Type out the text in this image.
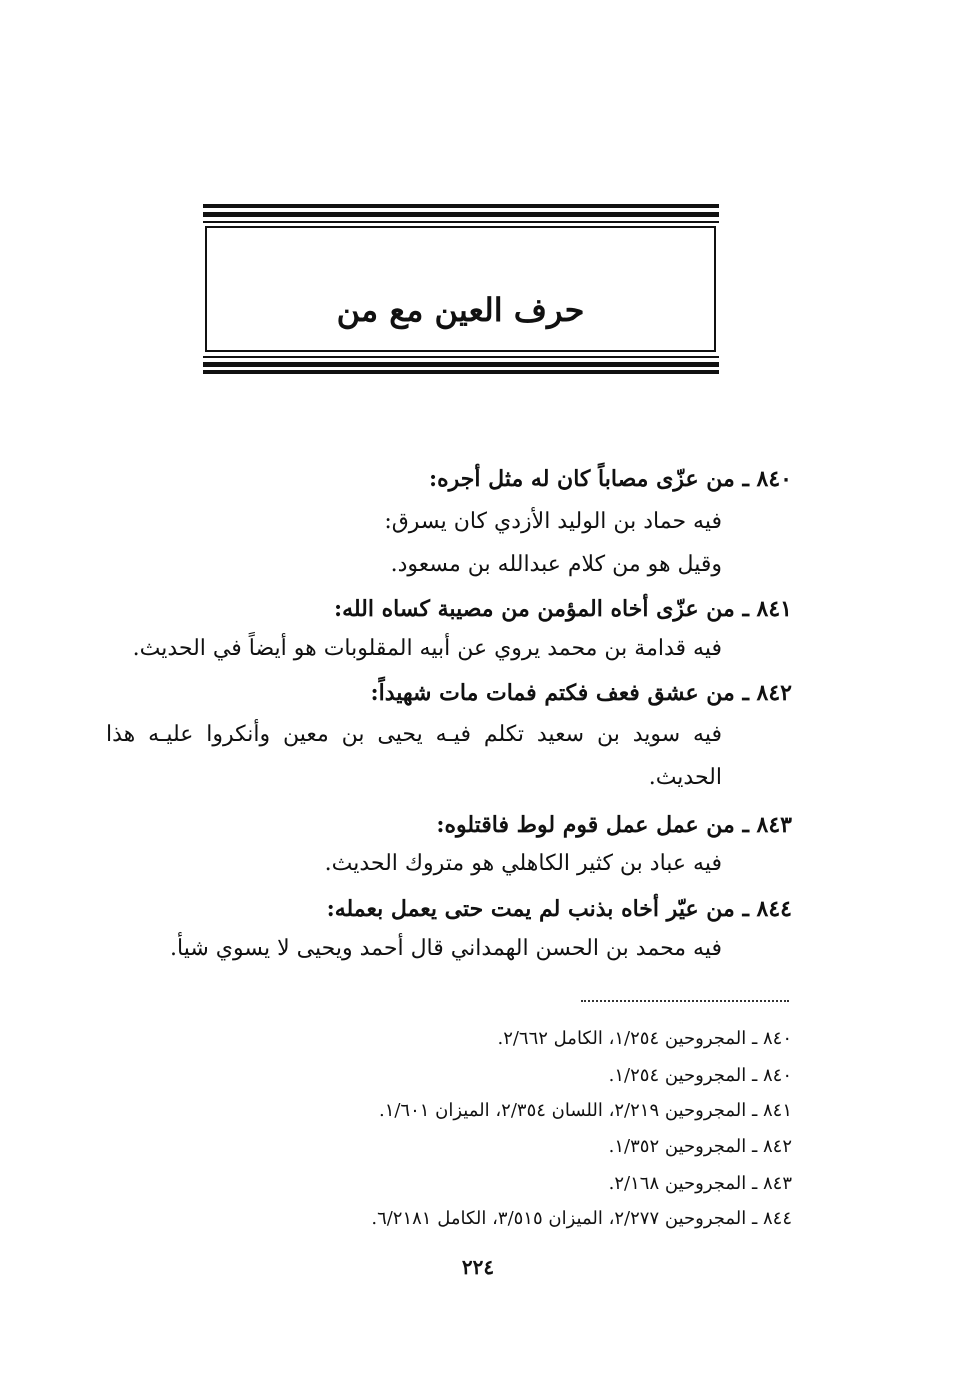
حرف العين مع من
٨٤٠ ـ من عزّى مصاباً كان له مثل أجره:
فيه حماد بن الوليد الأزدي كان يسرق:
وقيل هو من كلام عبدالله بن مسعود.
٨٤١ ـ من عزّى أخاه المؤمن من مصيبة كساه الله:
فيه قدامة بن محمد يروي عن أبيه المقلوبات هو أيضاً في الحديث.
٨٤٢ ـ من عشق فعف فكتم فمات مات شهيداً:
فيه سويد بن سعيد تكلم فيـه يحيى بن معين وأنكروا عليـه هذا
الحديث.
٨٤٣ ـ من عمل عمل قوم لوط فاقتلوه:
فيه عباد بن كثير الكاهلي هو متروك الحديث.
٨٤٤ ـ من عيّر أخاه بذنب لم يمت حتى يعمل بعمله:
فيه محمد بن الحسن الهمداني قال أحمد ويحيى لا يسوي شيأ.
٨٤٠ ـ المجروحين ١/٢٥٤، الكامل ٢/٦٦٢.
٨٤٠ ـ المجروحين ١/٢٥٤.
٨٤١ ـ المجروحين ٢/٢١٩، اللسان ٢/٣٥٤، الميزان ١/٦٠١.
٨٤٢ ـ المجروحين ١/٣٥٢.
٨٤٣ ـ المجروحين ٢/١٦٨.
٨٤٤ ـ المجروحين ٢/٢٧٧، الميزان ٣/٥١٥، الكامل ٦/٢١٨١.
٢٢٤
